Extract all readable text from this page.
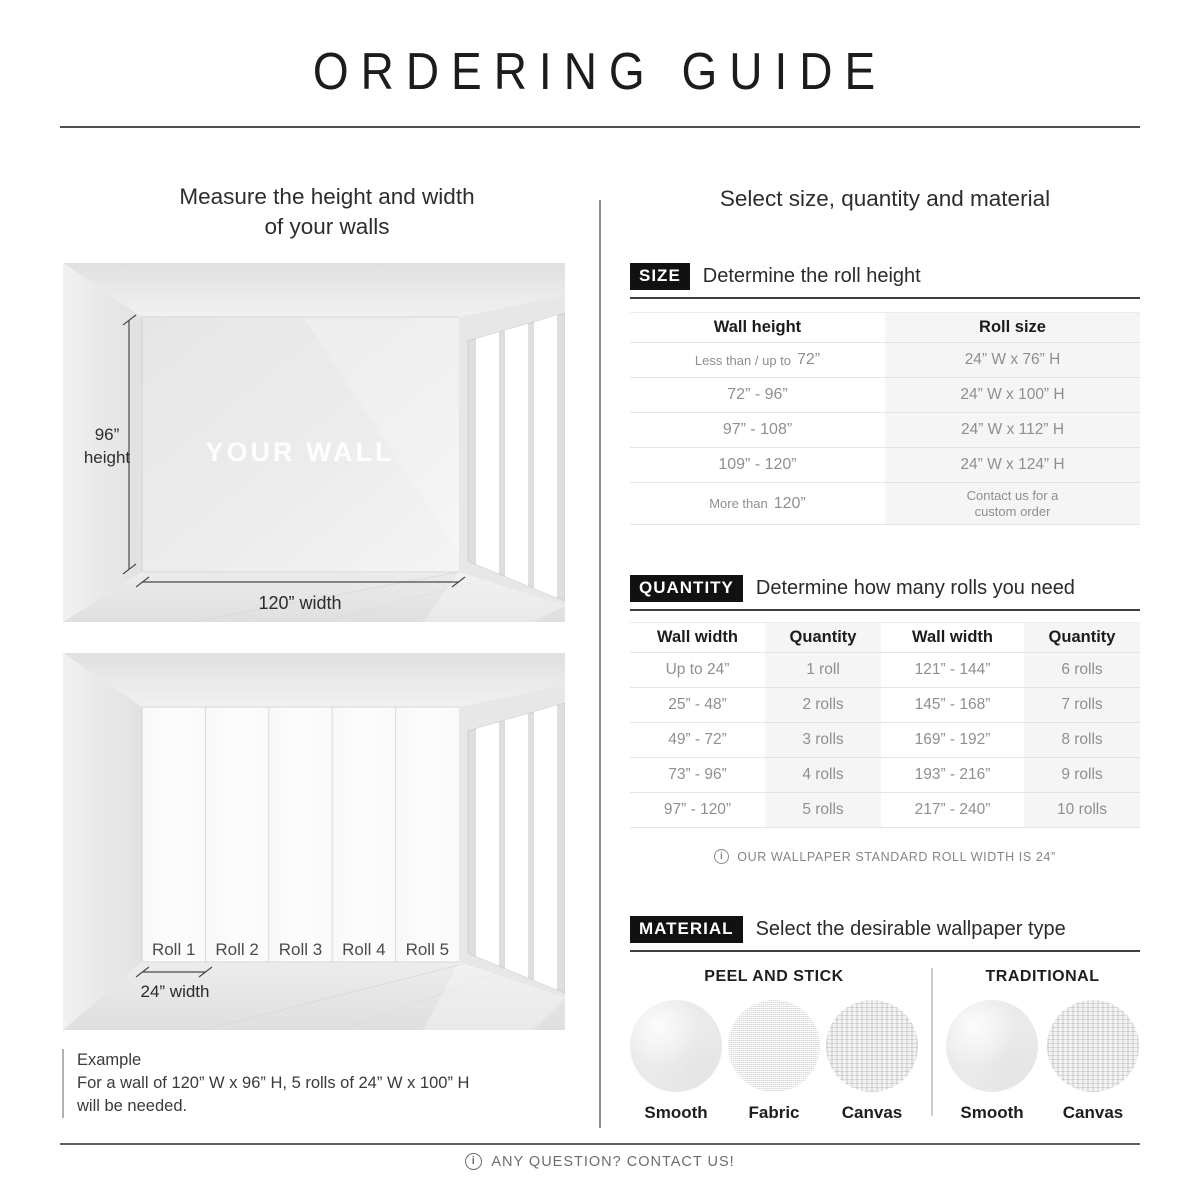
ORDERING GUIDE
Measure the height and width
of your walls
96”
height
120” width
YOUR WALL
Roll 1 Roll 2 Roll 3 Roll 4 Roll 5
24” width
Example
For a wall of 120” W x 96” H, 5 rolls of 24” W x 100” H
will be needed.
Select size, quantity and material
SIZE	Determine the roll height
Wall height	Roll size
Less than / up to 72”	24” W x 76” H
72” - 96”	24” W x 100” H
97” - 108”	24” W x 112” H
109” - 120”	24” W x 124” H
More than 120”	Contact us for a
custom order
QUANTITY	Determine how many rolls you need
Wall width	Quantity	Wall width	Quantity
Up to 24”	1 roll	121” - 144”	6 rolls
25” - 48”	2 rolls	145” - 168”	7 rolls
49” - 72”	3 rolls	169” - 192”	8 rolls
73” - 96”	4 rolls	193” - 216”	9 rolls
97” - 120”	5 rolls	217” - 240”	10 rolls
i
OUR WALLPAPER STANDARD ROLL WIDTH IS 24”
MATERIAL	Select the desirable wallpaper type
PEEL AND STICK
Smooth	Fabric	Canvas
TRADITIONAL
Smooth	Canvas
i
ANY QUESTION? CONTACT US!
